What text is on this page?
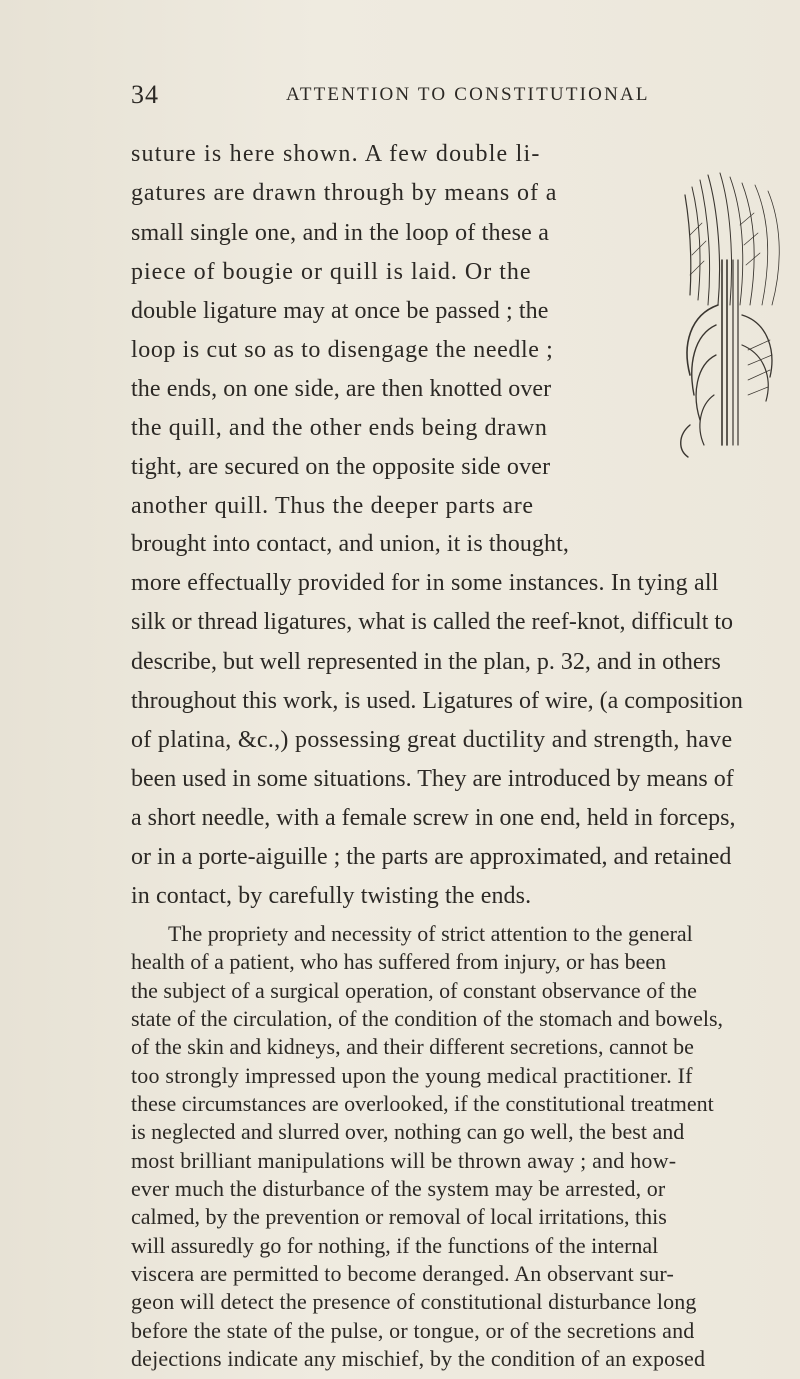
34	ATTENTION TO CONSTITUTIONAL
suture is here shown. A few double li-
gatures are drawn through by means of a
small single one, and in the loop of these a
piece of bougie or quill is laid. Or the
double ligature may at once be passed ; the
loop is cut so as to disengage the needle ;
the ends, on one side, are then knotted over
the quill, and the other ends being drawn
tight, are secured on the opposite side over
another quill. Thus the deeper parts are
brought into contact, and union, it is thought,
more effectually provided for in some instances. In tying all
silk or thread ligatures, what is called the reef-knot, difficult to
describe, but well represented in the plan, p. 32, and in others
throughout this work, is used. Ligatures of wire, (a composition
of platina, &c.,) possessing great ductility and strength, have
been used in some situations. They are introduced by means of
a short needle, with a female screw in one end, held in forceps,
or in a porte-aiguille ; the parts are approximated, and retained
in contact, by carefully twisting the ends.
The propriety and necessity of strict attention to the general
health of a patient, who has suffered from injury, or has been
the subject of a surgical operation, of constant observance of the
state of the circulation, of the condition of the stomach and bowels,
of the skin and kidneys, and their different secretions, cannot be
too strongly impressed upon the young medical practitioner. If
these circumstances are overlooked, if the constitutional treatment
is neglected and slurred over, nothing can go well, the best and
most brilliant manipulations will be thrown away ; and how-
ever much the disturbance of the system may be arrested, or
calmed, by the prevention or removal of local irritations, this
will assuredly go for nothing, if the functions of the internal
viscera are permitted to become deranged. An observant sur-
geon will detect the presence of constitutional disturbance long
before the state of the pulse, or tongue, or of the secretions and
dejections indicate any mischief, by the condition of an exposed
